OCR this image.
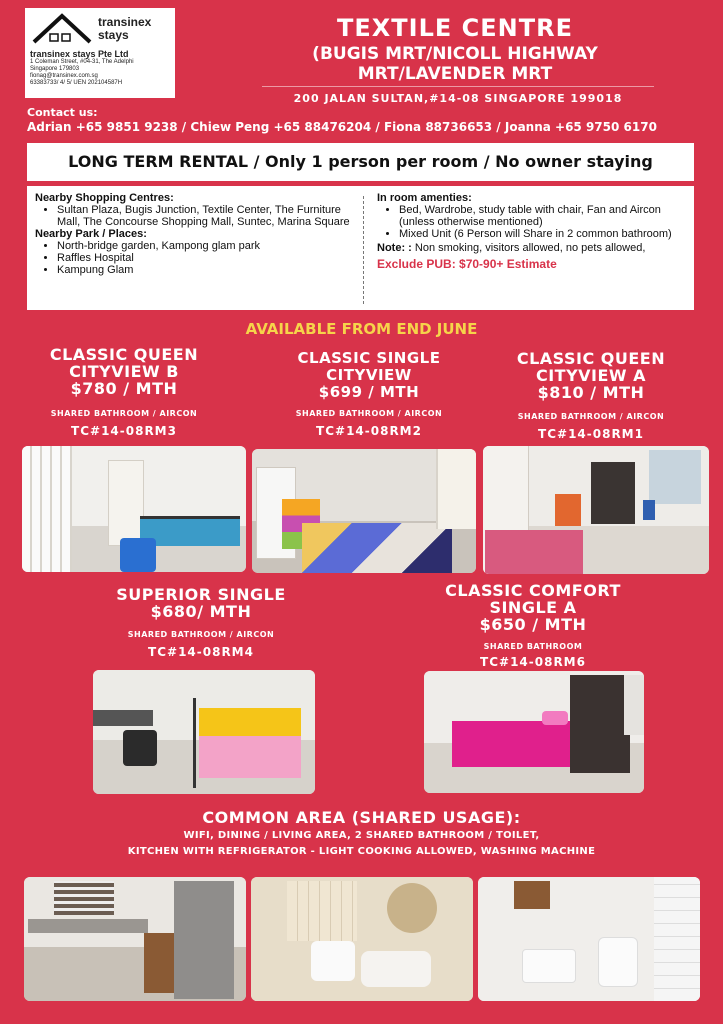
transinex
stays
transinex stays Pte Ltd
1 Coleman Street, #04-31, The Adelphi
Singapore 179803
fionag@transinex.com.sg
63383733/ 4/ 5/ UEN 202104587H
TEXTILE CENTRE
(BUGIS MRT/NICOLL HIGHWAY
MRT/LAVENDER MRT
200 JALAN SULTAN,#14-08 SINGAPORE 199018
Contact us:
Adrian +65 9851 9238 / Chiew Peng +65 88476204 / Fiona 88736653 / Joanna +65 9750 6170
LONG TERM RENTAL / Only 1 person per room / No owner staying
Nearby Shopping Centres:
• Sultan Plaza, Bugis Junction, Textile Center, The Furniture Mall, The Concourse Shopping Mall, Suntec, Marina Square
Nearby Park / Places:
• North-bridge garden, Kampong glam park
• Raffles Hospital
• Kampung Glam
In room amenties:
• Bed, Wardrobe, study table with chair, Fan and Aircon (unless otherwise mentioned)
• Mixed Unit (6 Person will Share in 2 common bathroom)
Note: : Non smoking, visitors allowed, no pets allowed,
Exclude PUB: $70-90+ Estimate
AVAILABLE FROM END JUNE
CLASSIC QUEEN
CITYVIEW B
$780 / MTH
SHARED BATHROOM / AIRCON
TC#14-08RM3
CLASSIC SINGLE
CITYVIEW
$699 / MTH
SHARED BATHROOM / AIRCON
TC#14-08RM2
CLASSIC QUEEN
CITYVIEW A
$810 / MTH
SHARED BATHROOM / AIRCON
TC#14-08RM1
SUPERIOR SINGLE
$680/ MTH
SHARED BATHROOM / AIRCON
TC#14-08RM4
CLASSIC COMFORT
SINGLE A
$650 / MTH
SHARED BATHROOM
TC#14-08RM6
COMMON AREA (SHARED USAGE):
WIFI, DINING / LIVING AREA, 2 SHARED BATHROOM / TOILET,
KITCHEN WITH REFRIGERATOR - LIGHT COOKING ALLOWED, WASHING MACHINE
